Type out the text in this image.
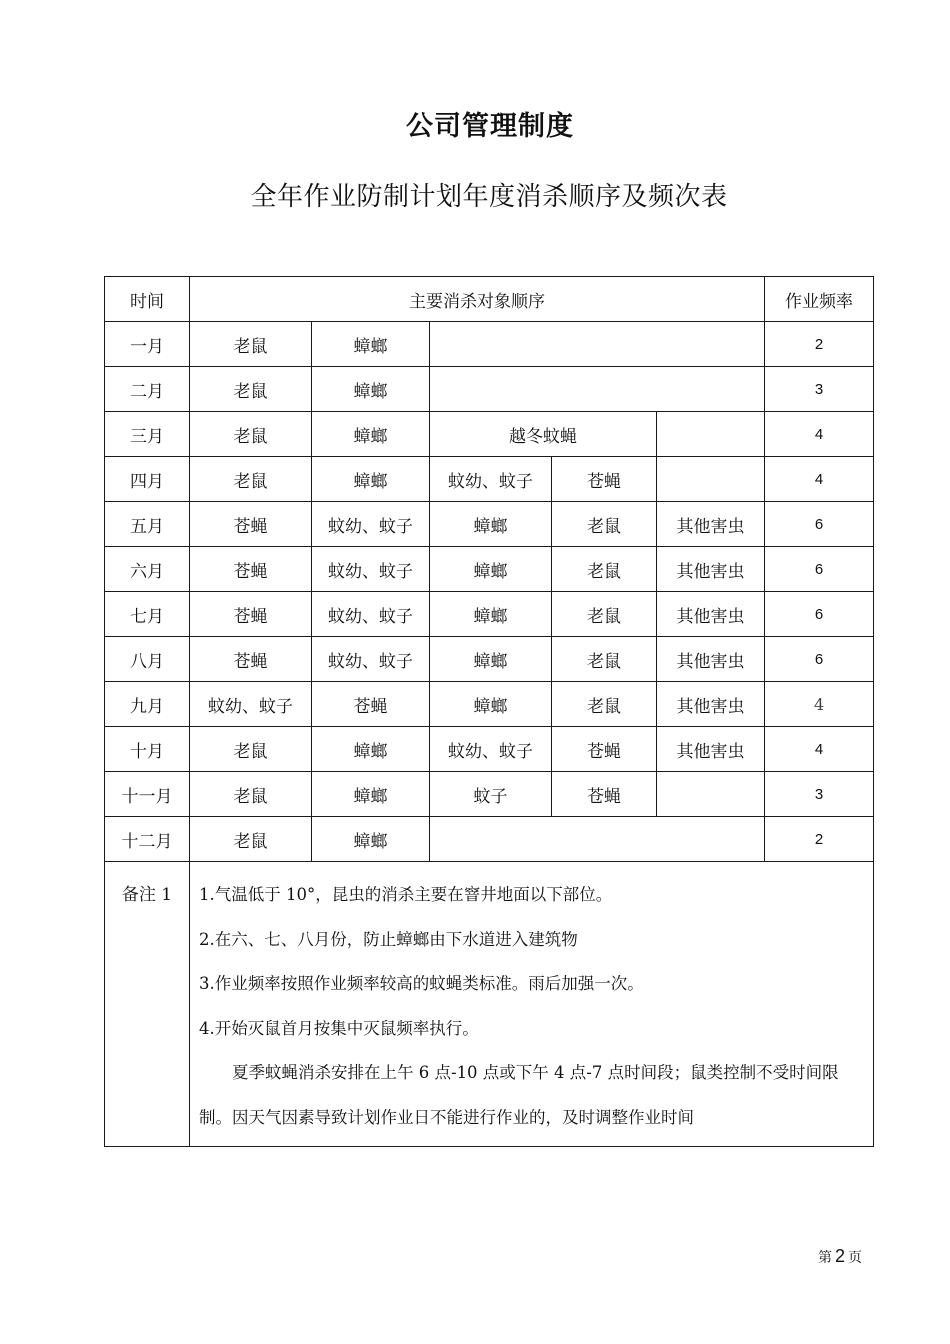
公司管理制度
全年作业防制计划年度消杀顺序及频次表
时间	主要消杀对象顺序					作业频率
一月	老鼠	蟑螂				2
二月	老鼠	蟑螂				3
三月	老鼠	蟑螂	越冬蚊蝇			4
四月	老鼠	蟑螂	蚊幼、蚊子	苍蝇		4
五月	苍蝇	蚊幼、蚊子	蟑螂	老鼠	其他害虫	6
六月	苍蝇	蚊幼、蚊子	蟑螂	老鼠	其他害虫	6
七月	苍蝇	蚊幼、蚊子	蟑螂	老鼠	其他害虫	6
八月	苍蝇	蚊幼、蚊子	蟑螂	老鼠	其他害虫	6
九月	蚊幼、蚊子	苍蝇	蟑螂	老鼠	其他害虫	4
十月	老鼠	蟑螂	蚊幼、蚊子	苍蝇	其他害虫	4
十一月	老鼠	蟑螂	蚊子	苍蝇		3
十二月	老鼠	蟑螂				2
备注 1	1.气温低于 10°，昆虫的消杀主要在窨井地面以下部位。

2.在六、七、八月份，防止蟑螂由下水道进入建筑物

3.作业频率按照作业频率较高的蚊蝇类标准。雨后加强一次。

4.开始灭鼠首月按集中灭鼠频率执行。

夏季蚊蝇消杀安排在上午 6 点-10 点或下午 4 点-7 点时间段；鼠类控制不受时间限制。因天气因素导致计划作业日不能进行作业的，及时调整作业时间					

第 2 页
